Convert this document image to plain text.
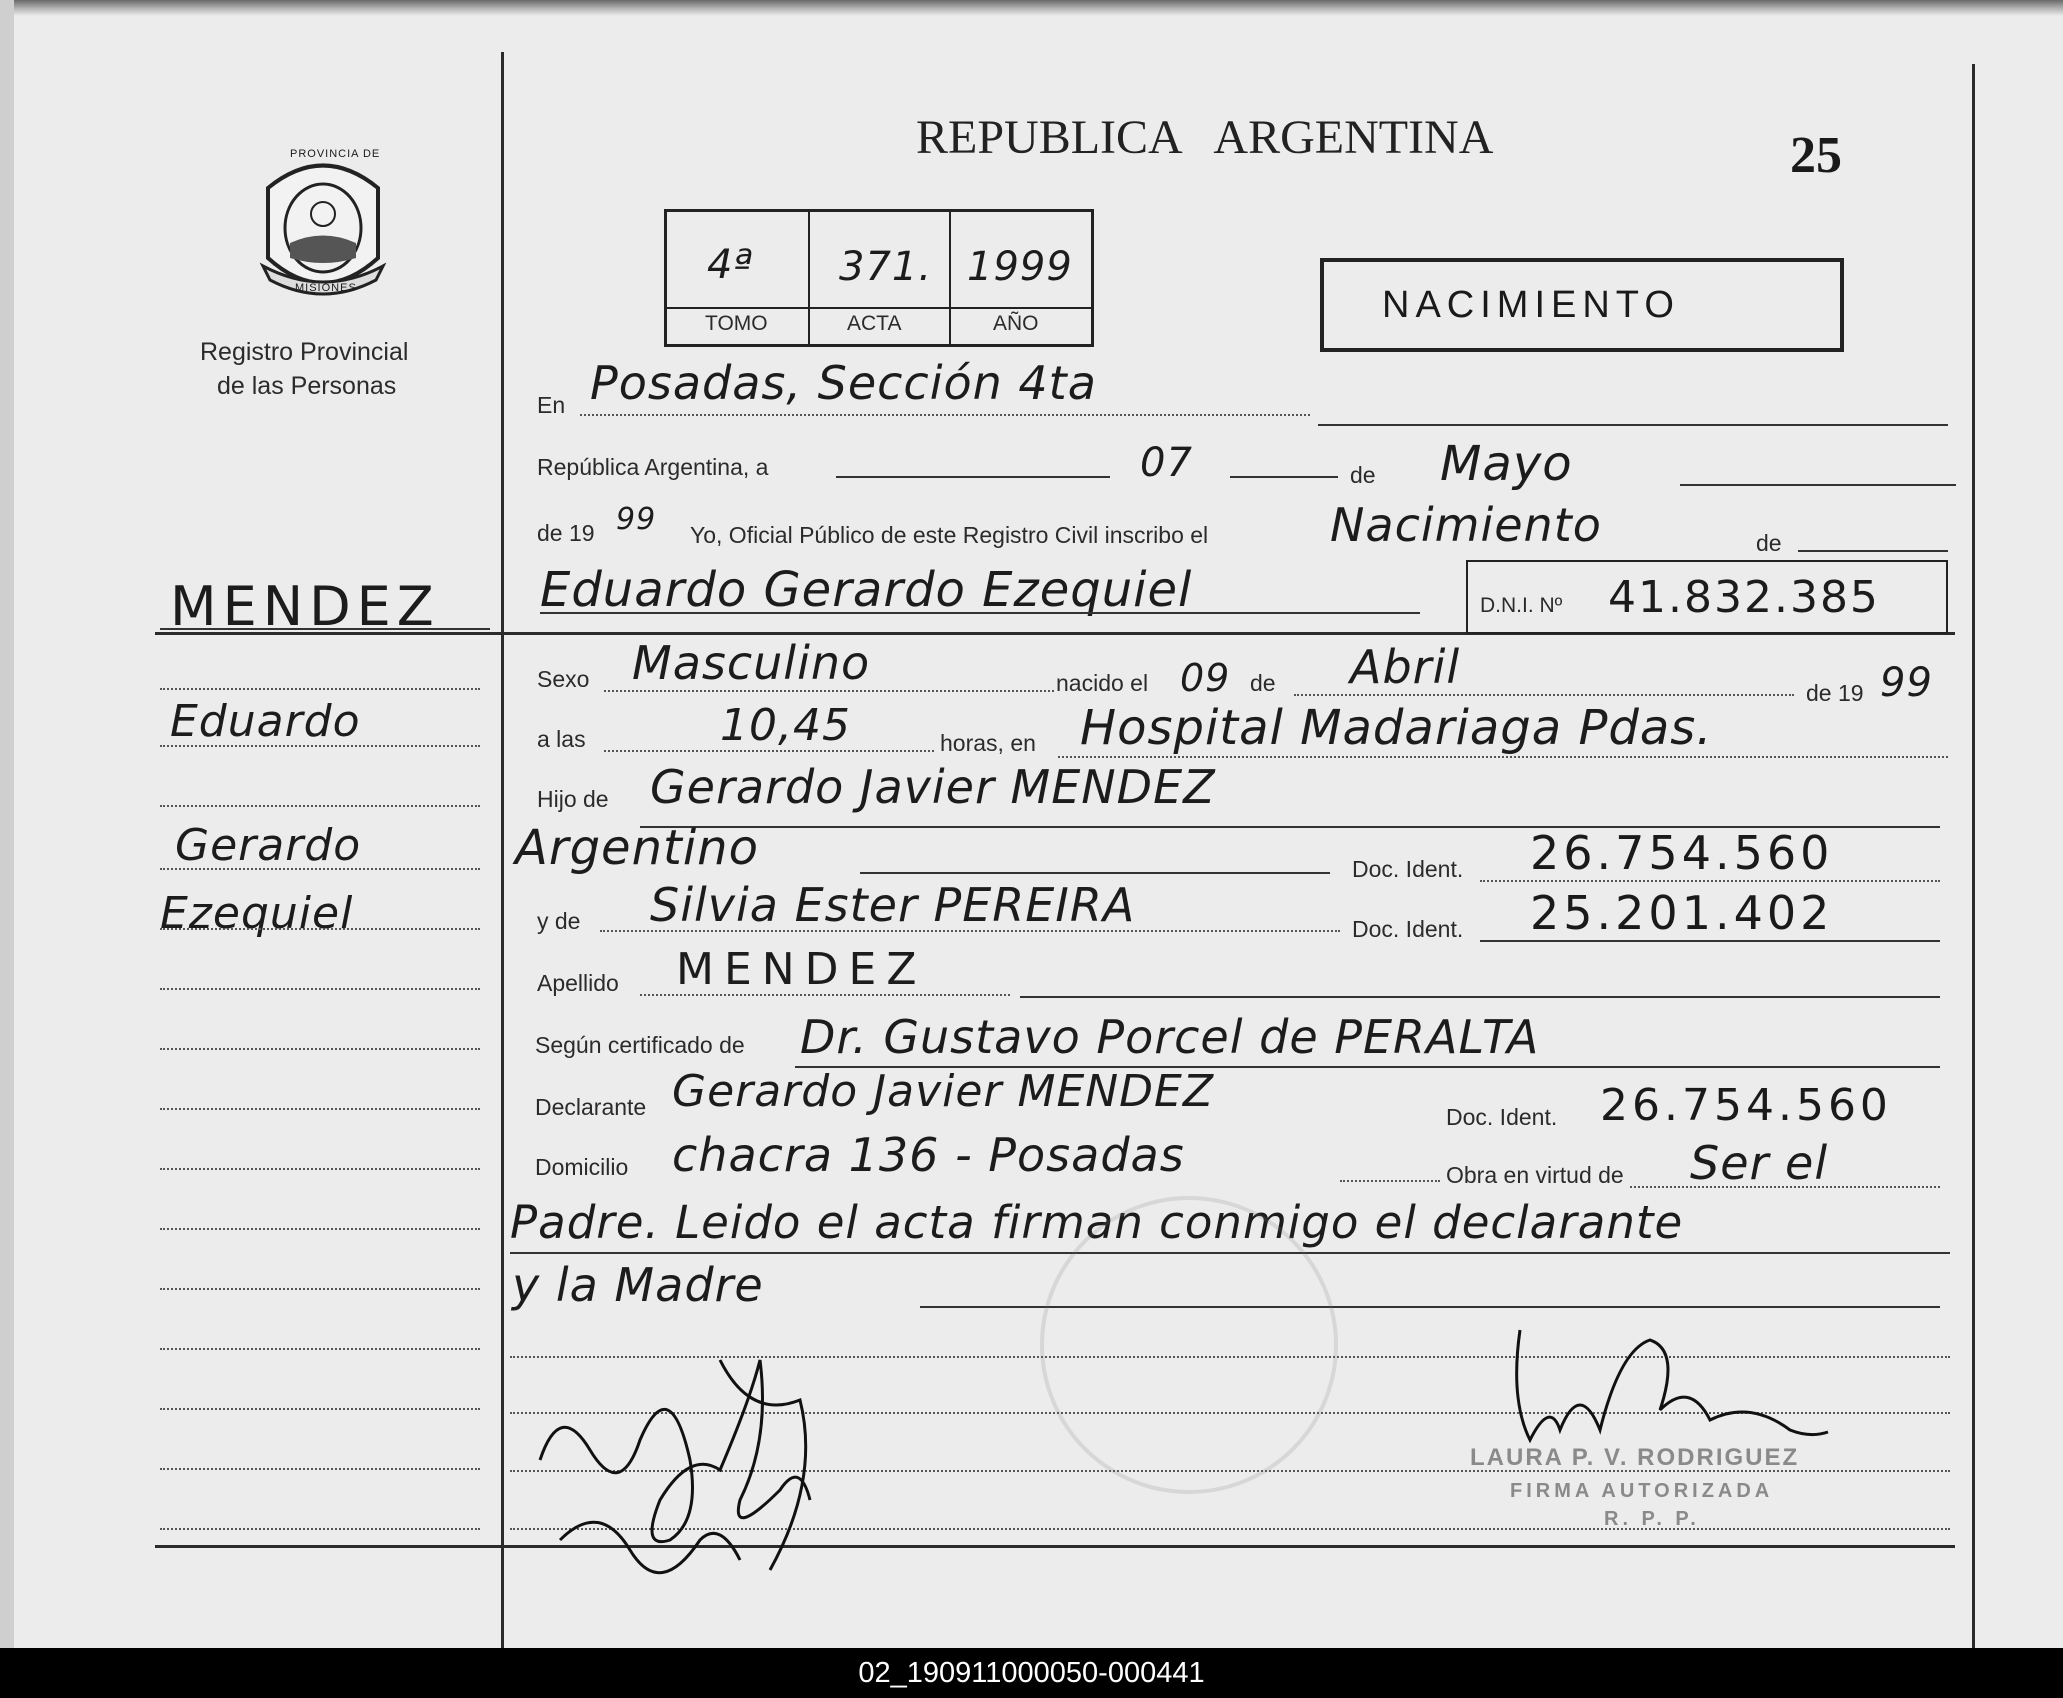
PROVINCIA DE
MISIONES
Registro Provincial
de las Personas
REPUBLICA   ARGENTINA	25
4ª 371. 1999
TOMO	ACTA	AÑO	NACIMIENTO
MENDEZ
Eduardo
Gerardo
Ezequiel
En Posadas, Sección 4ta
República Argentina, a	07	de Mayo
de 19 99 Yo, Oficial Público de este Registro Civil inscribo el	Nacimiento	de
Eduardo Gerardo Ezequiel	D.N.I. Nº 41.832.385
Sexo Masculino	nacido el 09 de Abril	de 19 99
a las	10,45	horas, en Hospital Madariaga Pdas.
Hijo de Gerardo Javier MENDEZ
Argentino	Doc. Ident. 26.754.560
y de Silvia Ester PEREIRA	Doc. Ident. 25.201.402
Apellido MENDEZ
Según certificado de Dr. Gustavo Porcel de PERALTA
Declarante Gerardo Javier MENDEZ	Doc. Ident. 26.754.560
Domicilio chacra 136 - Posadas	Obra en virtud de Ser el
Padre. Leido el acta firman conmigo el declarante
y la Madre
LAURA P. V. RODRIGUEZ
FIRMA AUTORIZADA
R. P. P.
02_190911000050-000441
